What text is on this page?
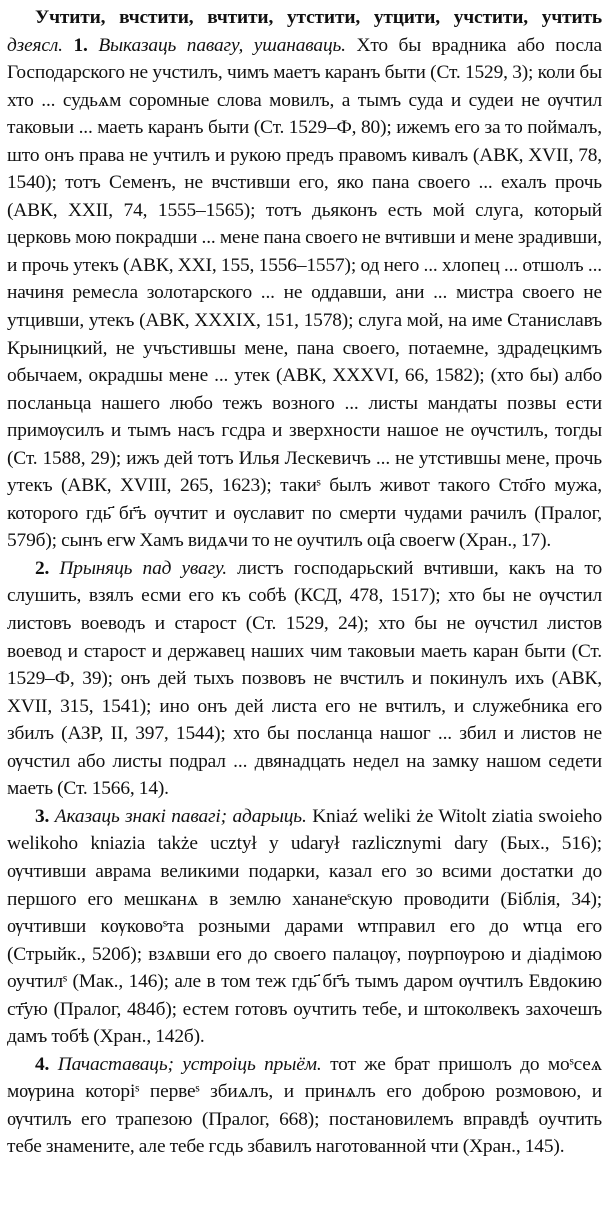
Учтити, вчстити, вчтити, утстити, утцити, учстити, учтить дзеясл. 1. Выказаць павагу, ушанаваць. Хто бы врадника або посла Господарского не учстилъ, чимъ маетъ каранъ быти (Ст. 1529, 3); коли бы хто ... судьѧм соромные слова мовилъ, а тымъ суда и судеи не ѹчтил таковыи ... маеть каранъ быти (Ст. 1529–Ф, 80); ижемъ его за то поймалъ, што онъ права не учтилъ и рукою предъ правомъ кивалъ (АВК, XVII, 78, 1540); тотъ Семенъ, не вчстивши его, яко пана своего ... ехалъ прочь (АВК, XXII, 74, 1555–1565); тотъ дьяконъ есть мой слуга, который церковь мою покрадши ... мене пана своего не вчтивши и мене зрадивши, и прочь утекъ (АВК, XXI, 155, 1556–1557); од него ... хлопец ... отшолъ ... начиня ремесла золотарского ... не оддавши, ани ... мистра своего не утцивши, утекъ (АВК, XXXIX, 151, 1578); слуга мой, на име Станиславъ Крыницкий, не учъстившы мене, пана своего, потаемне, здрадецкимъ обычаем, окрадшы мене ... утек (АВК, XXXVI, 66, 1582); (хто бы) албо посланьца нашего любо тежъ возного ... листы мандаты позвы ести примѹсилъ и тымъ насъ гсдра и зверхности нашое не ѹчстилъ, тогды (Ст. 1588, 29); ижъ дей тотъ Илья Лескевичъ ... не утстившы мене, прочь утекъ (АВК, XVIII, 265, 1623); такиˢ былъ живот такого Сто҃го мужа, которого гдь҃ бг҃ъ ѹчтит и ѹславит по смерти чудами рачилъ (Пралог, 579б); сынъ егѡ Хамъ видѧчи то не оучтилъ оц҃а своегѡ (Хран., 17).

2. Прыняць пад увагу. листъ господарьский вчтивши, какъ на то слушить, взялъ есми его къ собѣ (КСД, 478, 1517); хто бы не ѹчстил листовъ воеводъ и старост (Ст. 1529, 24); хто бы не ѹчстил листов воевод и старост и державец наших чим таковыи маеть каран быти (Ст. 1529–Ф, 39); онъ дей тыхъ позвовъ не вчстилъ и покинулъ ихъ (АВК, XVII, 315, 1541); ино онъ дей листа его не вчтилъ, и служебника его збилъ (АЗР, II, 397, 1544); хто бы посланца нашог ... збил и листов не ѹчстил або листы подрал ... двянадцать недел на замку нашом седети маеть (Ст. 1566, 14).

3. Аказаць знакі павагі; адарыць. Kniaź weliki że Witolt ziatia swoieho welikoho kniazia także ucztył y udarył razlicznymi dary (Бых., 516); ѹчтивши аврама великими подарки, казал его зо всими достатки до першого его мешканѧ в землю хананеˢскую проводити (Біблія, 34); ѹчтивши кѹковоˢта розными дарами ѡтправил его до ѡтца его (Стрыйк., 520б); взѧвши его до своего палацѹ, пѹрпѹрою и діадімою оучтилˢ (Мак., 146); але в том теж гдь҃ бг҃ъ тымъ даром ѹчтилъ Евдокию ст҃ую (Пралог, 484б); естем готовъ оучтить тебе, и штоколвекъ захочешъ дамъ тобѣ (Хран., 142б).

4. Пачаставаць; устроіць прыём. тот же брат пришолъ до моˢсеѧ мѹрина которiˢ первеˢ збиѧлъ, и принѧлъ его доброю розмовою, и ѹчтилъ его трапезою (Пралог, 668); постановилемъ вправдѣ оучтить тебе знамените, але тебе гсдь збавилъ наготованной чти (Хран., 145).
